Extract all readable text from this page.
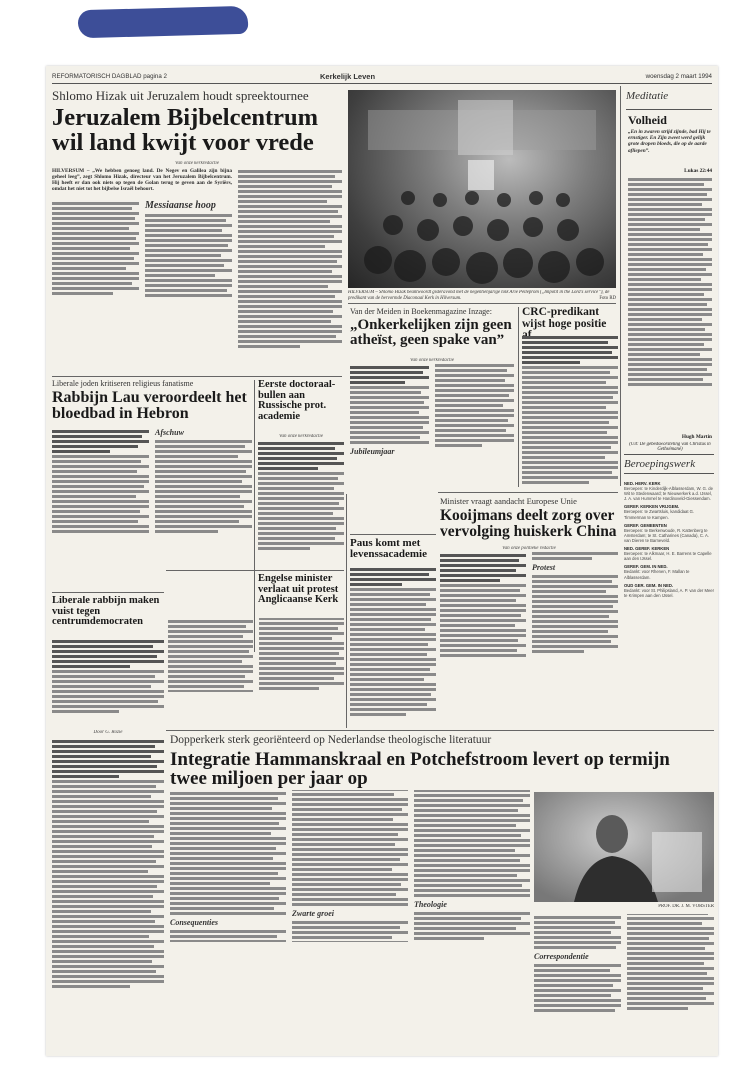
REFORMATORISCH DAGBLAD pagina 2	Kerkelijk Leven	woensdag 2 maart 1994
Shlomo Hizak uit Jeruzalem houdt spreektournee
Jeruzalem Bijbelcentrum wil land kwijt voor vrede
Van onze kerkredactie
HILVERSUM – „We hebben genoeg land. De Negev en Galilea zijn bijna geheel leeg”, zegt Shlomo Hizak, directeur van het Jeruzalem Bijbelcentrum. Hij heeft er dan ook niets op tegen de Golan terug te geven aan de Syriërs, omdat het niet tot het bijbelse Israël behoort.
Messiaanse hoop
HILVERSUM – Shlomo Hizak beantwoordt gisteravond met de negentienjarige tolk Arie Pelleprom („Impotit in the Lord's service”), de predikant van de hervormde Diaconaal Kerk in Hilversum.	Foto RD
Meditatie
Volheid
„En in zwaren strijd zijnde, bad Hij te ernstiger. En Zijn zweet werd gelijk grote dropen bloeds, die op de aarde afliepen”.
Lukas 22:44
Hugh Martin
(Uit: De gebedsworsteling van Christus in Gethsémané)
Beroepingswerk
NED. HERV. KERK
Beroepen: te Kinderdijk-Alblasserdam, W. G. de Wit te Stedenwaard; te Nieuwerkerk a.d. IJssel, J. A. van Hummel te Hardinxveld-Giessendam.
GEREF. KERKEN VRIJGEM.
Beroepen: te Zwartsluis, kandidaat G. Timmerman te Kampen.
GEREF. GEMEENTEN
Beroepen: te Berkenwoude, R. Kattenberg te Amsterdam; te St. Catharines (Canada), C. A. van Dieren te Barneveld.
NED. GEREF. KERKEN
Beroepen: te Alkmaar, H. E. Barrens te Capelle aan den IJssel.
GEREF. GEM. IN NED.
Bedankt: voor Rhenen, F. Mallan te Alblasserdam.
OUD GER. GEM. IN NED.
Bedankt: voor St. Philipsland, A. P. van der Meer te Krimpen aan den IJssel.
Van der Meiden in Boekenmagazine Inzage:
„Onkerkelijken zijn geen atheïst, geen spake van”
Van onze kerkredactie
Jubileumjaar
CRC-predikant wijst hoge positie
Liberale joden kritiseren religieus fanatisme
Rabbijn Lau veroordeelt het bloedbad in Hebron
Afschuw
Liberale rabbijn maken vuist tegen centrumdemocraten
Door G. Rozie
Eerste doctoraal-bullen aan Russische prot. academie
Van onze kerkredactie
Engelse minister verlaat uit protest Anglicaanse Kerk
Paus komt met levenssacademie
Minister vraagt aandacht Europese Unie
Kooijmans deelt zorg over vervolging huiskerk China
Van onze politieke redactie
Protest
Dopperkerk sterk georiënteerd op Nederlandse theologische literatuur
Integratie Hammanskraal en Potchefstroom levert op termijn twee miljoen per jaar op
Consequenties
Zwarte groei
Theologie	PROF. DR. J. M. VORSTER
Correspondentie
